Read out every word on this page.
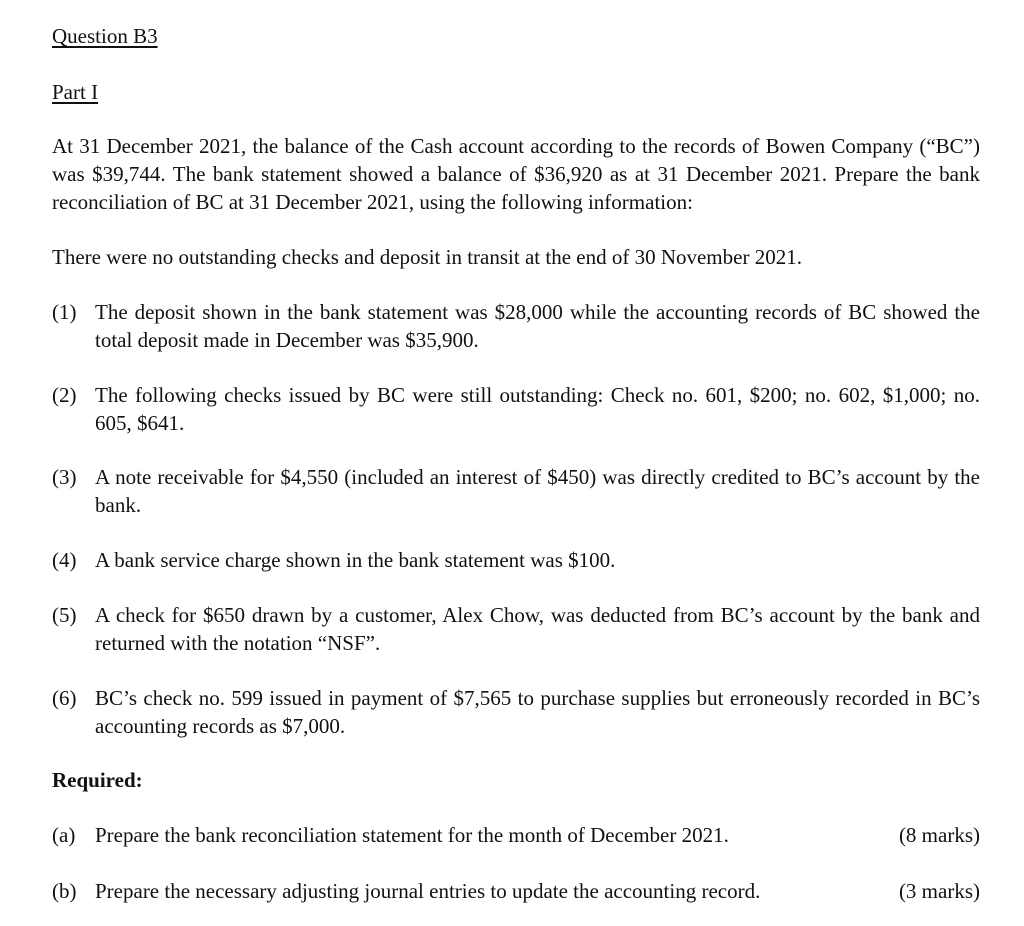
Question B3
Part I
At 31 December 2021, the balance of the Cash account according to the records of Bowen Company (“BC”) was $39,744. The bank statement showed a balance of $36,920 as at 31 December 2021. Prepare the bank reconciliation of BC at 31 December 2021, using the following information:
There were no outstanding checks and deposit in transit at the end of 30 November 2021.
(1) The deposit shown in the bank statement was $28,000 while the accounting records of BC showed the total deposit made in December was $35,900.
(2) The following checks issued by BC were still outstanding: Check no. 601, $200; no. 602, $1,000; no. 605, $641.
(3) A note receivable for $4,550 (included an interest of $450) was directly credited to BC’s account by the bank.
(4) A bank service charge shown in the bank statement was $100.
(5) A check for $650 drawn by a customer, Alex Chow, was deducted from BC’s account by the bank and returned with the notation “NSF”.
(6) BC’s check no. 599 issued in payment of $7,565 to purchase supplies but erroneously recorded in BC’s accounting records as $7,000.
Required:
(a) Prepare the bank reconciliation statement for the month of December 2021.	(8 marks)
(b) Prepare the necessary adjusting journal entries to update the accounting record.	(3 marks)
